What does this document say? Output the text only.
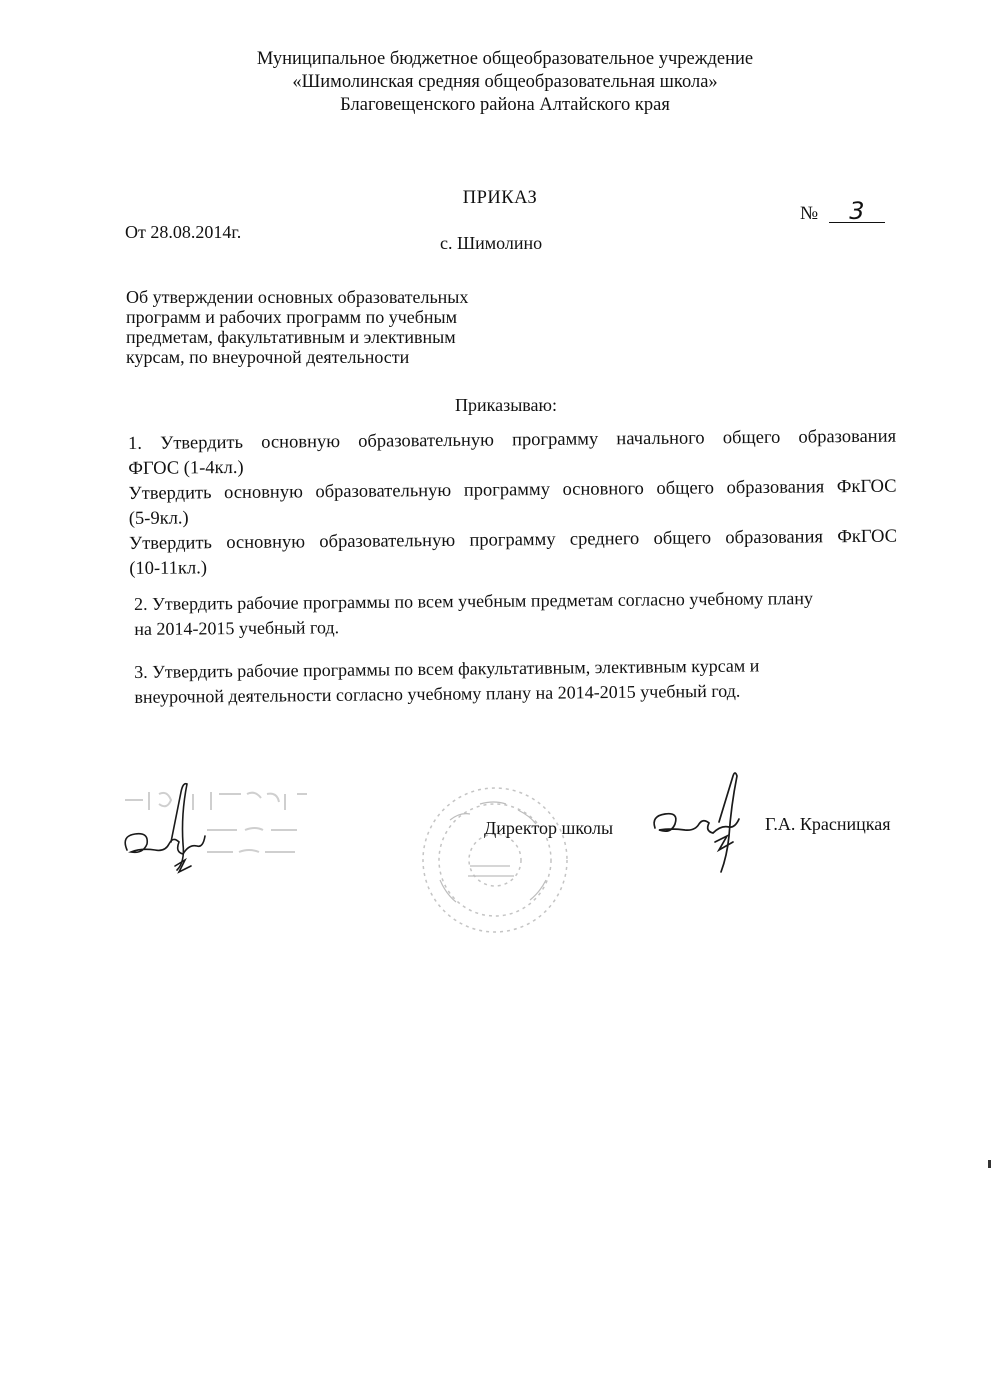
Муниципальное бюджетное общеобразовательное учреждение
«Шимолинская средняя общеобразовательная школа»
Благовещенского района Алтайского края
ПРИКАЗ
От 28.08.2014г.
№ 3
с. Шимолино
Об утверждении основных образовательных
программ и рабочих программ по учебным
предметам, факультативным и элективным
курсам, по внеурочной деятельности
Приказываю:
1. Утвердить основную образовательную программу начального общего образования
ФГОС (1-4кл.)
Утвердить основную образовательную программу основного общего образования ФкГОС
(5-9кл.)
Утвердить основную образовательную программу среднего общего образования ФкГОС
(10-11кл.)
2. Утвердить рабочие программы по всем учебным предметам согласно учебному плану
на 2014-2015 учебный год.
3. Утвердить рабочие программы по всем факультативным, элективным курсам и
внеурочной деятельности согласно учебному плану на 2014-2015 учебный год.
Директор школы	Г.А. Красницкая
